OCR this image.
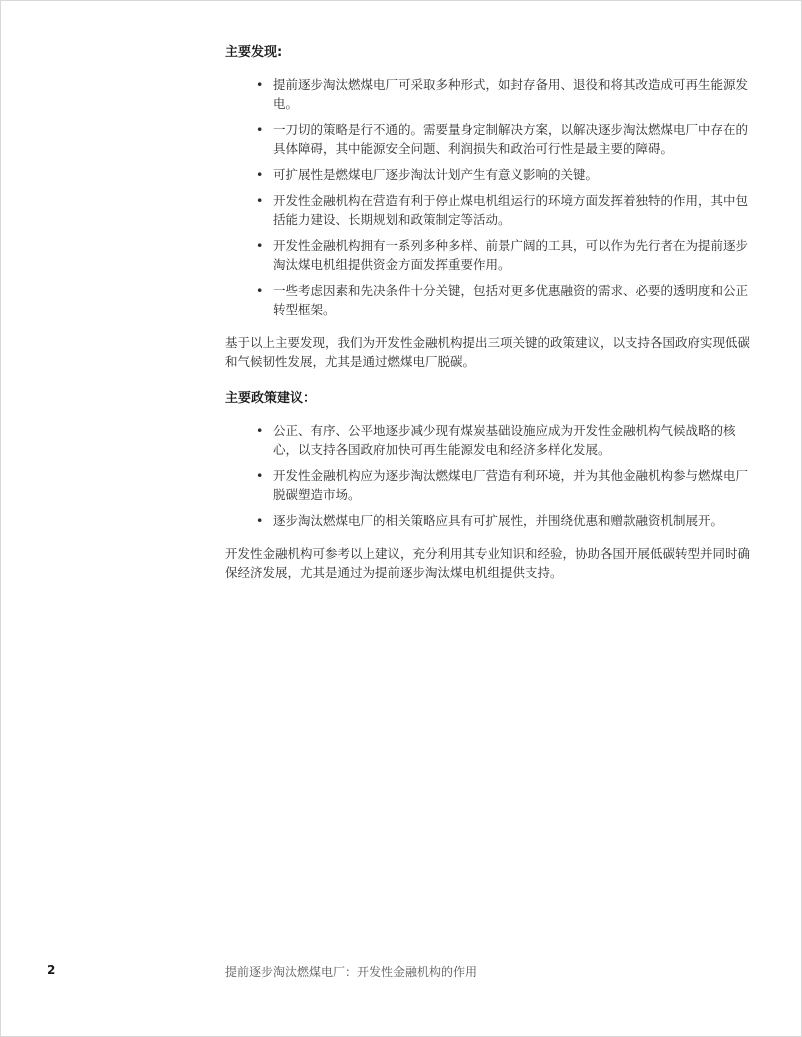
主要发现:
• 提前逐步淘汰燃煤电厂可采取多种形式，如封存备用、退役和将其改造成可再生能源发电。
• 一刀切的策略是行不通的。需要量身定制解决方案，以解决逐步淘汰燃煤电厂中存在的具体障碍，其中能源安全问题、利润损失和政治可行性是最主要的障碍。
• 可扩展性是燃煤电厂逐步淘汰计划产生有意义影响的关键。
• 开发性金融机构在营造有利于停止煤电机组运行的环境方面发挥着独特的作用，其中包括能力建设、长期规划和政策制定等活动。
• 开发性金融机构拥有一系列多种多样、前景广阔的工具，可以作为先行者在为提前逐步淘汰煤电机组提供资金方面发挥重要作用。
• 一些考虑因素和先决条件十分关键，包括对更多优惠融资的需求、必要的透明度和公正转型框架。

基于以上主要发现，我们为开发性金融机构提出三项关键的政策建议，以支持各国政府实现低碳和气候韧性发展，尤其是通过燃煤电厂脱碳。

主要政策建议：
• 公正、有序、公平地逐步减少现有煤炭基础设施应成为开发性金融机构气候战略的核心，以支持各国政府加快可再生能源发电和经济多样化发展。
• 开发性金融机构应为逐步淘汰燃煤电厂营造有利环境，并为其他金融机构参与燃煤电厂脱碳塑造市场。
• 逐步淘汰燃煤电厂的相关策略应具有可扩展性，并围绕优惠和赠款融资机制展开。

开发性金融机构可参考以上建议，充分利用其专业知识和经验，协助各国开展低碳转型并同时确保经济发展，尤其是通过为提前逐步淘汰煤电机组提供支持。

2	提前逐步淘汰燃煤电厂：开发性金融机构的作用
